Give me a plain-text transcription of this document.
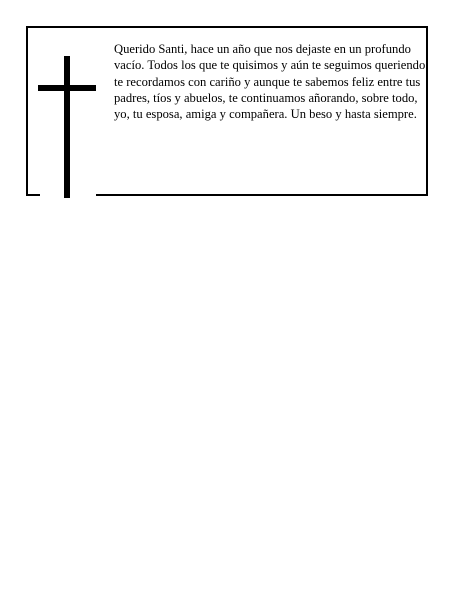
Querido Santi, hace un año que nos dejaste en un profundo vacío. Todos los que te quisimos y aún te seguimos queriendo te recordamos con cariño y aunque te sabemos feliz entre tus padres, tíos y abuelos, te continuamos añorando, sobre todo, yo, tu esposa, amiga y compañera. Un beso y hasta siempre.
